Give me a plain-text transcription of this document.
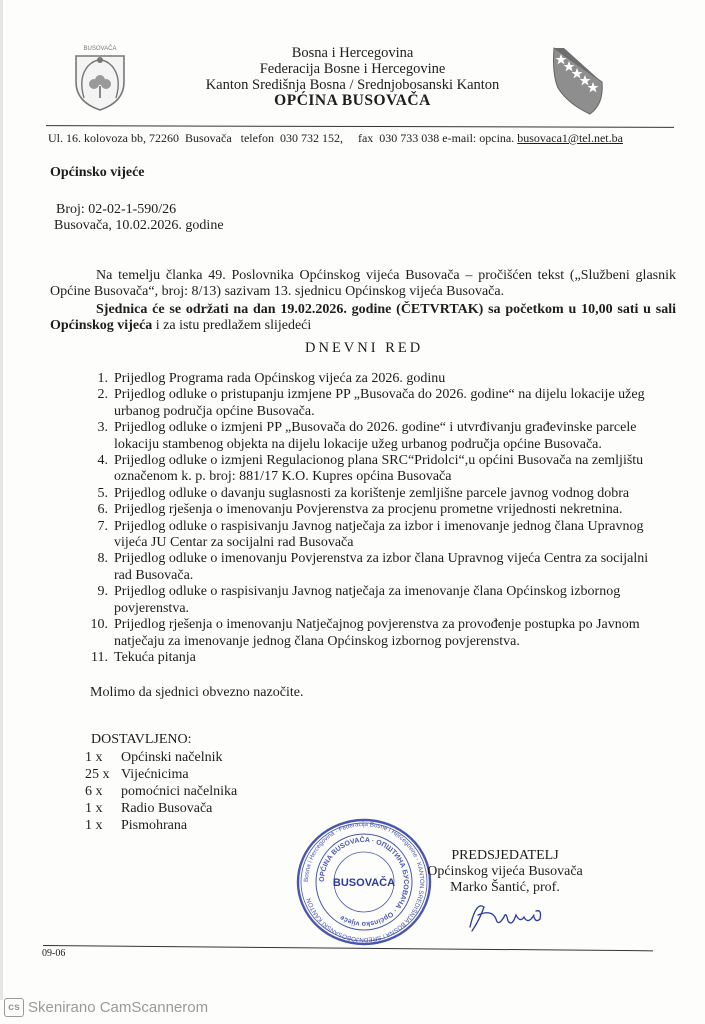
BUSOVAČA	Bosna i Hercegovina
Federacija Bosne i Hercegovine
Kanton Središnja Bosna / Srednjobosanski Kanton
OPĆINA BUSOVAČA
Ul. 16. kolovoza bb, 72260  Busovača   telefon  030 732 152,     fax  030 733 038 e-mail: opcina. busovaca1@tel.net.ba
Općinsko vijeće
Broj: 02-02-1-590/26
Busovača, 10.02.2026. godine
Na temelju članka 49. Poslovnika Općinskog vijeća Busovača – pročišćen tekst („Službeni glasnik Općine Busovača“, broj: 8/13) sazivam 13. sjednicu Općinskog vijeća Busovača.
Sjednica će se održati na dan 19.02.2026. godine (ČETVRTAK) sa početkom u 10,00 sati u sali Općinskog vijeća i za istu predlažem slijedeći
DNEVNI RED
1. Prijedlog Programa rada Općinskog vijeća za 2026. godinu
2. Prijedlog odluke o pristupanju izmjene PP „Busovača do 2026. godine“ na dijelu lokacije užeg urbanog područja općine Busovača.
3. Prijedlog odluke o izmjeni PP „Busovača do 2026. godine“ i utvrđivanju građevinske parcele lokaciju stambenog objekta na dijelu lokacije užeg urbanog područja općine Busovača.
4. Prijedlog odluke o izmjeni Regulacionog plana SRC“Pridolci“,u općini Busovača na zemljištu označenom k. p. broj: 881/17 K.O. Kupres općina Busovača
5. Prijedlog odluke o davanju suglasnosti za korištenje zemljišne parcele javnog vodnog dobra
6. Prijedlog rješenja o imenovanju Povjerenstva za procjenu prometne vrijednosti nekretnina.
7. Prijedlog odluke o raspisivanju Javnog natječaja za izbor i imenovanje jednog člana Upravnog vijeća JU Centar za socijalni rad Busovača
8. Prijedlog odluke o imenovanju Povjerenstva za izbor člana Upravnog vijeća Centra za socijalni rad Busovača.
9. Prijedlog odluke o raspisivanju Javnog natječaja za imenovanje člana Općinskog izbornog povjerenstva.
10. Prijedlog rješenja o imenovanju Natječajnog povjerenstva za provođenje postupka po Javnom natječaju za imenovanje jednog člana Općinskog izbornog povjerenstva.
11. Tekuća pitanja
Molimo da sjednici obvezno nazočite.
DOSTAVLJENO:
1 x Općinski načelnik
25 x Vijećnicima
6 x pomoćnici načelnika
1 x Radio Busovača
1 x Pismohrana
Bosna i Hercegovina · Federacija Bosne i Hercegovine · KANTON SREDIŠNJA BOSNA / SREDNJOBOSANSKI KANTON
OPĆINA BUSOVAČA · ОПШТИНА БУСОВАЧА · Općinsko vijeće
BUSOVAČA
PREDSJEDATELJ
Općinskog vijeća Busovača
Marko Šantić, prof.
09-06
cs Skenirano CamScannerom
